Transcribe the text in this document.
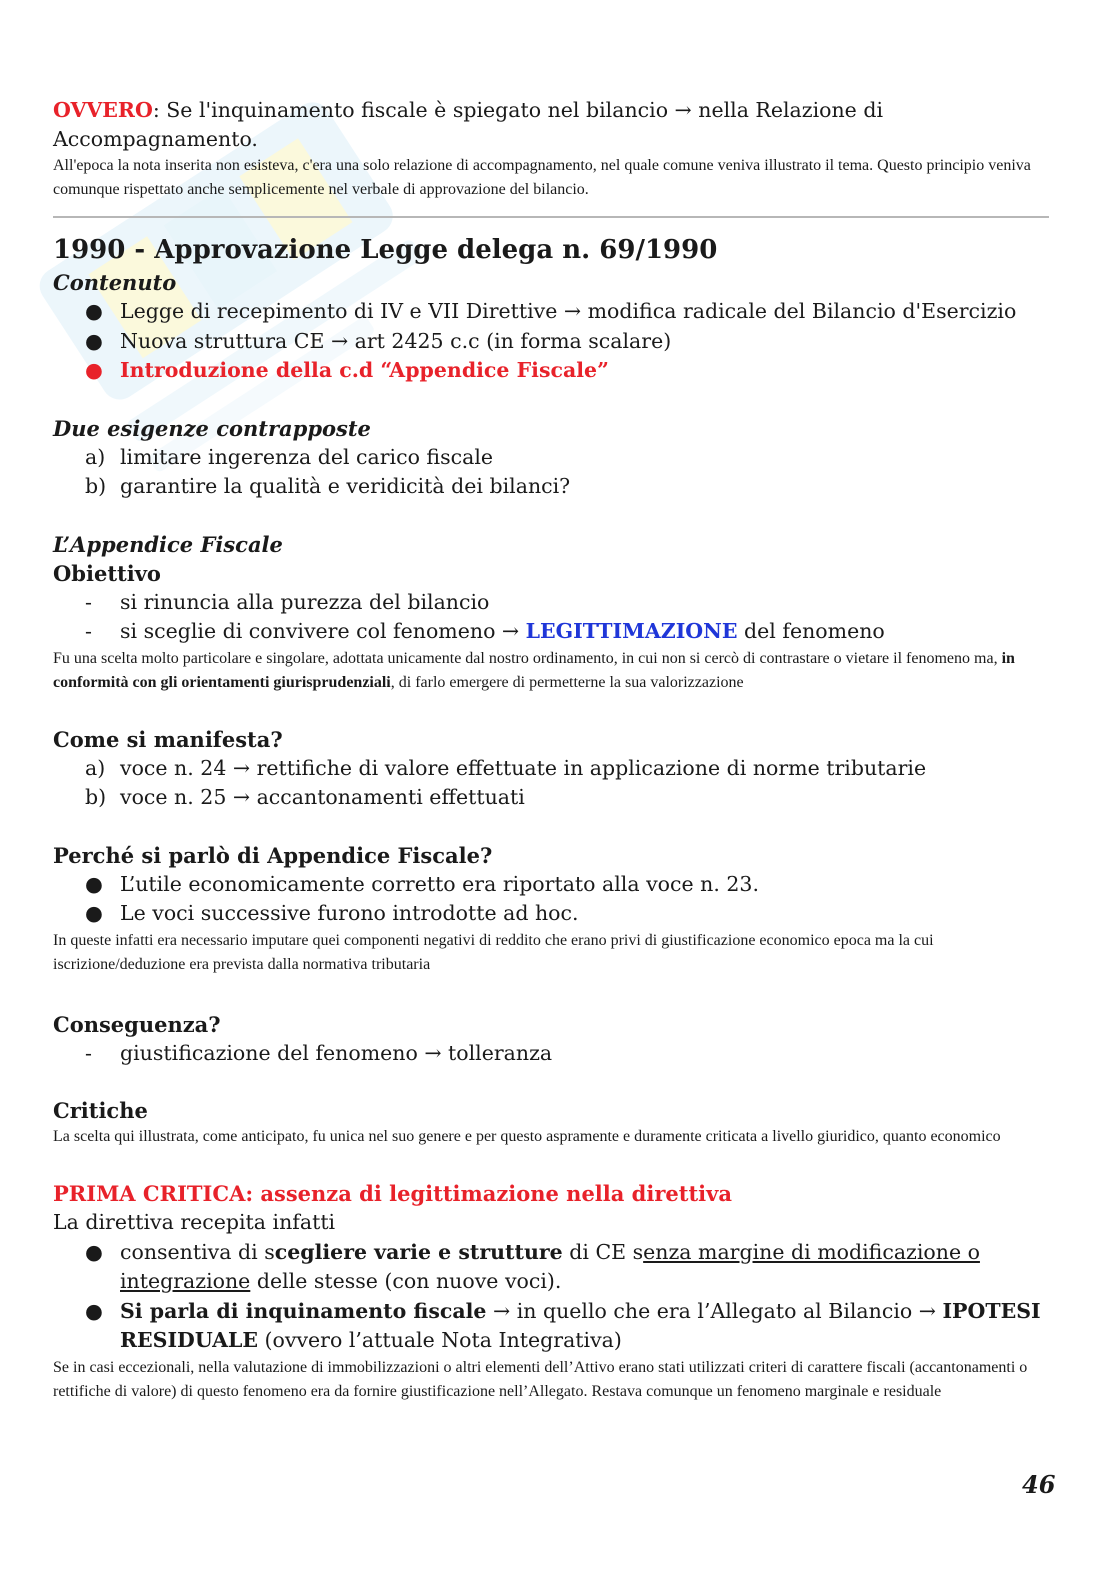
OVVERO: Se l'inquinamento fiscale è spiegato nel bilancio → nella Relazione di Accompagnamento.

All'epoca la nota inserita non esisteva, c'era una solo relazione di accompagnamento, nel quale comune veniva illustrato il tema. Questo principio veniva comunque rispettato anche semplicemente nel verbale di approvazione del bilancio.

1990 - Approvazione Legge delega n. 69/1990

Contenuto

● Legge di recepimento di IV e VII Direttive → modifica radicale del Bilancio d'Esercizio
● Nuova struttura CE → art 2425 c.c (in forma scalare)
● Introduzione della c.d “Appendice Fiscale”

Due esigenze contrapposte

a) limitare ingerenza del carico fiscale
b) garantire la qualità e veridicità dei bilanci?

L’Appendice Fiscale

Obiettivo

-	si rinuncia alla purezza del bilancio
-	si sceglie di convivere col fenomeno → LEGITTIMAZIONE del fenomeno

Fu una scelta molto particolare e singolare, adottata unicamente dal nostro ordinamento, in cui non si cercò di contrastare o vietare il fenomeno ma, in conformità con gli orientamenti giurisprudenziali, di farlo emergere di permetterne la sua valorizzazione

Come si manifesta?

a) voce n. 24 → rettifiche di valore effettuate in applicazione di norme tributarie
b) voce n. 25 → accantonamenti effettuati

Perché si parlò di Appendice Fiscale?

● L’utile economicamente corretto era riportato alla voce n. 23.
● Le voci successive furono introdotte ad hoc.

In queste infatti era necessario imputare quei componenti negativi di reddito che erano privi di giustificazione economico epoca ma la cui iscrizione/deduzione era prevista dalla normativa tributaria

Conseguenza?

-	giustificazione del fenomeno → tolleranza

Critiche

La scelta qui illustrata, come anticipato, fu unica nel suo genere e per questo aspramente e duramente criticata a livello giuridico, quanto economico

PRIMA CRITICA: assenza di legittimazione nella direttiva

La direttiva recepita infatti

● consentiva di scegliere varie e strutture di CE senza margine di modificazione o integrazione delle stesse (con nuove voci).
● Si parla di inquinamento fiscale → in quello che era l’Allegato al Bilancio → IPOTESI RESIDUALE (ovvero l’attuale Nota Integrativa)

Se in casi eccezionali, nella valutazione di immobilizzazioni o altri elementi dell’Attivo erano stati utilizzati criteri di carattere fiscali (accantonamenti o rettifiche di valore) di questo fenomeno era da fornire giustificazione nell’Allegato. Restava comunque un fenomeno marginale e residuale

46
